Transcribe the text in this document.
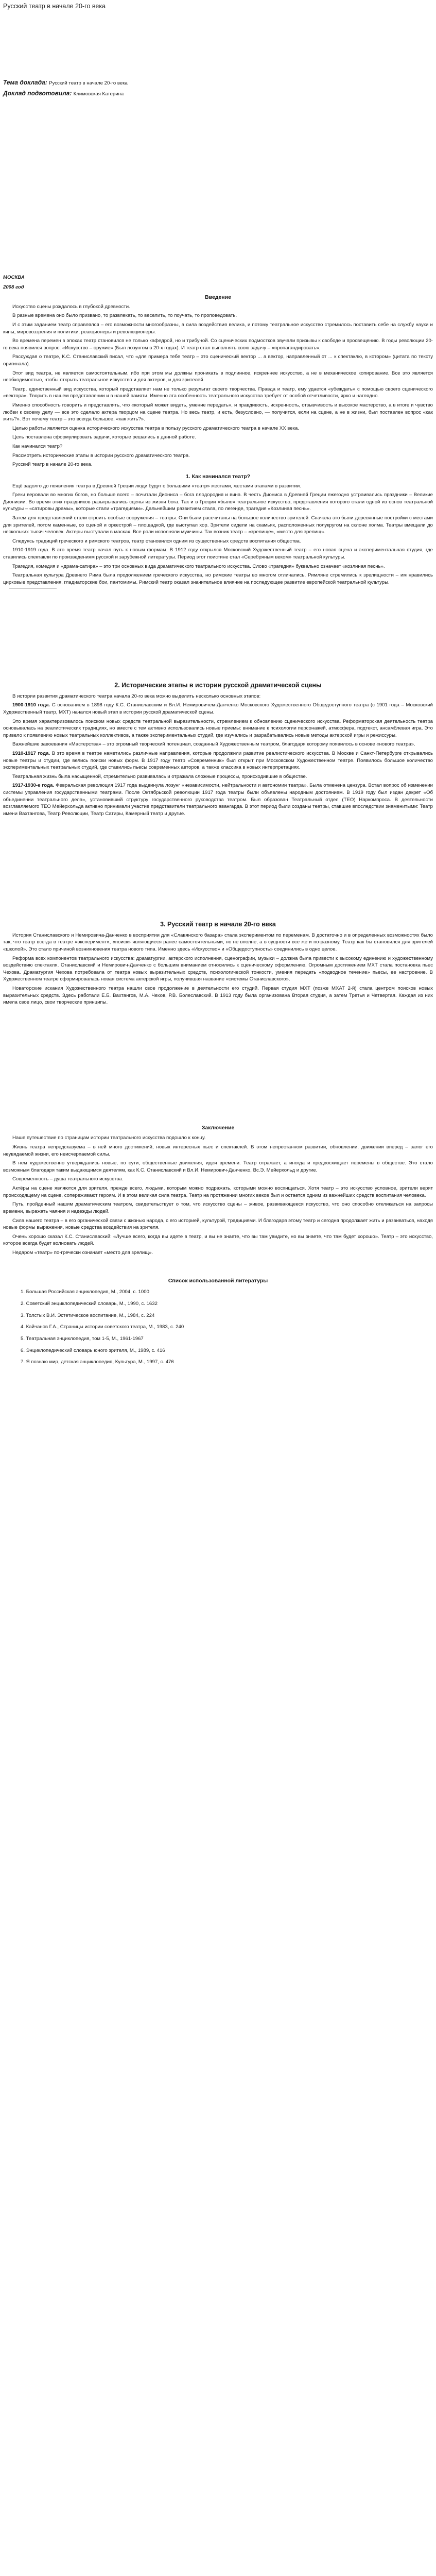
Русский театр в начале 20-го века
Тема доклада: Русский театр в начале 20-го века
Доклад подготовила: Климовская Катерина
МОСКВА
2008 год
Введение

Искусство сцены рождалось в глубокой древности.

В разные времена оно было призвано, то развлекать, то веселить, то поучать, то проповедовать.

И с этим заданием театр справлялся – его возможности многообразны, а сила воздействия велика, и потому театральное искусство стремилось поставить себе на службу науки и кипы, мировоззрения и политики, реакционеры и революционеры.

Во времена перемен в эпохах театр становился не только кафедрой, но и трибуной. Со сценических подмостков звучали призывы к свободе и просвещению. В годы революции 20-го века появился вопрос: «Искусство – оружие» (Был лозунгом в 20-х годах). И театр стал выполнять свою задачу – «пропагандировать».

Рассуждая о театре, К.С. Станиславский писал, что «для примера тебе театр – это сценический вектор ... а вектор, направленный от ... к спектаклю, в котором» (цитата по тексту оригинала).

Этот вид театра, не является самостоятельным, ибо при этом мы должны проникать в подлинное, искреннее искусство, а не в механическое копирование. Все это является необходимостью, чтобы открыть театральное искусство и для актеров, и для зрителей.

Театр, единственный вид искусства, который представляет нам не только результат своего творчества. Правда и театр, ему удается «убеждать» с помощью своего сценического «вектора». Творить в нашем представлении и в нашей памяти. Именно эта особенность театрального искусства требует от особой отчетливости, ярко и наглядно.

Именно способность говорить и представлять, что «который может видеть, умение передать», и правдивость, искренность, отзывчивость и высокое мастерство, а в итоге и чувство любви к своему делу — все это сделало актера творцом на сцене театра. Но весь театр, и есть, безусловно, — получится, если на сцене, а не в жизни, был поставлен вопрос «как жить?». Вот почему театр – это всегда большое, «как жить?».

Целью работы является оценка исторического искусства театра в пользу русского драматического театра в начале ХХ века.

Цель поставлена сформулировать задачи, которые решались в данной работе.

Как начинался театр?

Рассмотреть исторические этапы в истории русского драматического театра.

Русский театр в начале 20-го века.

1. Как начинался театр?

Ещё задолго до появления театра в Древней Греции люди будут с большими «театр» жестами, жестами этапами в развитии.

Греки веровали во многих богов, но больше всего – почитали Диониса – бога плодородия и вина. В честь Диониса в Древней Греции ежегодно устраивались праздники – Великие Дионисии. Во время этих праздников разыгрывались сцены из жизни бога. Так и в Греции «было» театральное искусство, представления которого стали одной из основ театральной культуры – «сатировы драмы», которые стали «трагедиями». Дальнейшим развитием стала, по легенде, трагедия «Козлиная песнь».

Затем для представлений стали строить особые сооружения – театры. Они были рассчитаны на большое количество зрителей. Сначала это были деревянные постройки с местами для зрителей, потом каменные, со сценой и оркестрой – площадкой, где выступал хор. Зрители сидели на скамьях, расположенных полукругом на склоне холма. Театры вмещали до нескольких тысяч человек. Актеры выступали в масках. Все роли исполняли мужчины. Так возник театр – «зрелище», «место для зрелищ».

Следуясь традиций греческого и римского театров, театр становился одним из существенных средств воспитания общества.

1910-1919 года. В это время театр начал путь к новым формам. В 1912 году открылся Московский Художественный театр – его новая сцена и экспериментальная студия, где ставились спектакли по произведениям русской и зарубежной литературы. Период этот поистине стал «Серебряным веком» театральной культуры.

Трагедия, комедия и «драма-сатира» – это три основных вида драматического театрального искусства. Слово «трагедия» буквально означает «козлиная песнь».

Театральная культура Древнего Рима была продолжением греческого искусства, но римские театры во многом отличались. Римляне стремились к зрелищности – им нравились цирковые представления, гладиаторские бои, пантомимы. Римский театр оказал значительное влияние на последующее развитие европейской театральной культуры.

2. Исторические этапы в истории русской драматической сцены

В истории развития драматического театра начала 20-го века можно выделить несколько основных этапов:

1900-1910 года. С основанием в 1898 году К.С. Станиславским и Вл.И. Немировичем-Данченко Московского Художественного Общедоступного театра (с 1901 года – Московский Художественный театр, МХТ) начался новый этап в истории русской драматической сцены.

Это время характеризовалось поиском новых средств театральной выразительности, стремлением к обновлению сценического искусства. Реформаторская деятельность театра основывалась на реалистических традициях, но вместе с тем активно использовались новые приемы: внимание к психологии персонажей, атмосфера, подтекст, ансамблевая игра. Это привело к появлению новых театральных коллективов, а также экспериментальных студий, где изучались и разрабатывались новые методы актерской игры и режиссуры.

Важнейшие завоевания «Мастерства» – это огромный творческий потенциал, созданный Художественным театром, благодаря которому появилось в основе «нового театра».

1910-1917 года. В это время в театре наметились различные направления, которые продолжили развитие реалистического искусства. В Москве и Санкт-Петербурге открывались новые театры и студии, где велись поиски новых форм. В 1917 году театр «Современник» был открыт при Московском Художественном театре. Появилось большое количество экспериментальных театральных студий, где ставились пьесы современных авторов, а также классика в новых интерпретациях.

Театральная жизнь была насыщенной, стремительно развивалась и отражала сложные процессы, происходившие в обществе.

1917-1930-е года. Февральская революция 1917 года выдвинула лозунг «независимости, нейтральности и автономии театра». Была отменена цензура. Встал вопрос об изменении системы управления государственными театрами. После Октябрьской революции 1917 года театры были объявлены народным достоянием. В 1919 году был издан декрет «Об объединении театрального дела», установивший структуру государственного руководства театром. Был образован Театральный отдел (ТЕО) Наркомпроса. В деятельности возглавляемого ТЕО Мейерхольда активно принимали участие представители театрального авангарда. В этот период были созданы театры, ставшие впоследствии знаменитыми: Театр имени Вахтангова, Театр Революции, Театр Сатиры, Камерный театр и другие.

3. Русский театр в начале 20-го века

История Станиславского и Немировича-Данченко в восприятии для «Славянского базара» стала экспериментом по переменам. В достаточно и в определенных возможностях было так, что театр всегда в театре «эксперимент», «поиск» являющиеся ранее самостоятельными, но не вполне, а в сущности все же и по-разному. Театр как бы становился для зрителей «школой». Это стало причиной возникновения театра нового типа. Именно здесь «Искусство» и «Общедоступность» соединились в одно целое.

Реформа всех компонентов театрального искусства: драматургии, актерского исполнения, сценографии, музыки – должна была привести к высокому единению и художественному воздействию спектакля. Станиславский и Немирович-Данченко с большим вниманием относились к сценическому оформлению. Огромным достижением МХТ стала постановка пьес Чехова. Драматургия Чехова потребовала от театра новых выразительных средств, психологической тонкости, умения передать «подводное течение» пьесы, ее настроение. В Художественном театре сформировалась новая система актерской игры, получившая название «системы Станиславского».

Новаторские искания Художественного театра нашли свое продолжение в деятельности его студий. Первая студия МХТ (позже МХАТ 2-й) стала центром поисков новых выразительных средств. Здесь работали Е.Б. Вахтангов, М.А. Чехов, Р.В. Болеславский. В 1913 году была организована Вторая студия, а затем Третья и Четвертая. Каждая из них имела свое лицо, свои творческие принципы.

Заключение

Наше путешествие по страницам истории театрального искусства подошло к концу.

Жизнь театра непредсказуема – в ней много достижений, новых интересных пьес и спектаклей. В этом непрестанном развитии, обновлении, движении вперед – залог его неувядаемой жизни, его неисчерпаемой силы.

В нем художественно утверждались новые, по сути, общественные движения, идеи времени. Театр отражает, а иногда и предвосхищает перемены в обществе. Это стало возможным благодаря таким выдающимся деятелям, как К.С. Станиславский и Вл.И. Немирович-Данченко, Вс.Э. Мейерхольд и другие.

Современность – душа театрального искусства.

Актёры на сцене являются для зрителя, прежде всего, людьми, которым можно подражать, которыми можно восхищаться. Хотя театр – это искусство условное, зрители верят происходящему на сцене, сопереживают героям. И в этом великая сила театра. Театр на протяжении многих веков был и остается одним из важнейших средств воспитания человека.

Путь, пройденный нашим драматическим театром, свидетельствует о том, что искусство сцены – живое, развивающееся искусство, что оно способно откликаться на запросы времени, выражать чаяния и надежды людей.

Сила нашего театра – в его органической связи с жизнью народа, с его историей, культурой, традициями. И благодаря этому театр и сегодня продолжает жить и развиваться, находя новые формы выражения, новые средства воздействия на зрителя.

Очень хорошо сказал К.С. Станиславский: «Лучше всего, когда вы идете в театр, и вы не знаете, что вы там увидите, но вы знаете, что там будет хорошо». Театр – это искусство, которое всегда будет волновать людей.

Недаром «театр» по-гречески означает «место для зрелищ».

Список использованной литературы
1. Большая Российская энциклопедия, М., 2004, с. 1000
2. Советский энциклопедический словарь, М., 1990, с. 1632
3. Толстых В.И. Эстетическое воспитание, М., 1984, с. 224
4. Кайчанов Г.А., Страницы истории советского театра, М., 1983, с. 240
5. Театральная энциклопедия, том 1-5, М., 1961-1967
6. Энциклопедический словарь юного зрителя, М., 1989, с. 416
7. Я познаю мир, детская энциклопедия, Культура, М., 1997, с. 476
